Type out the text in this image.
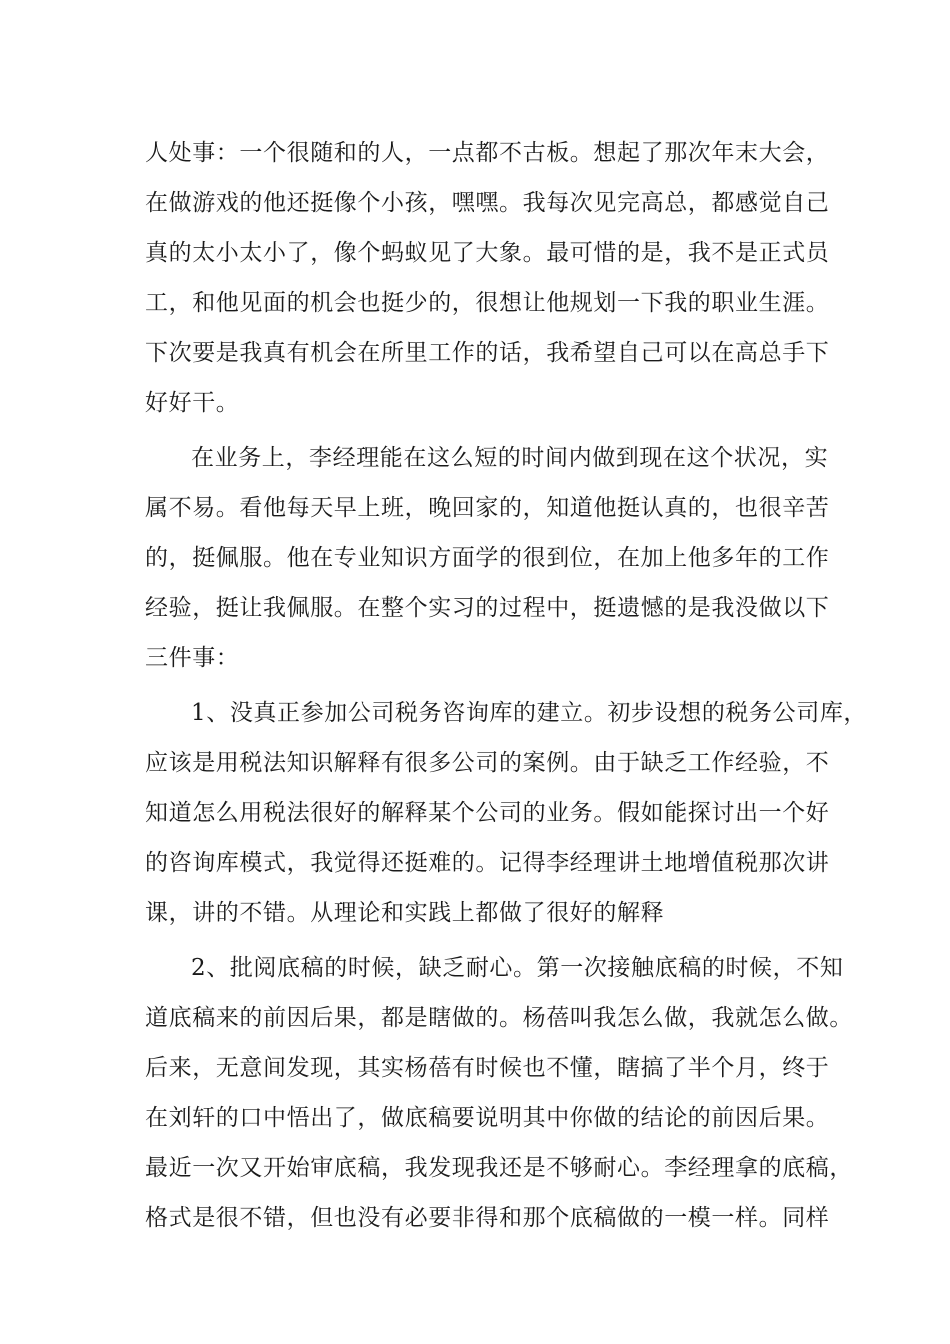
人处事：一个很随和的人，一点都不古板。想起了那次年末大会，
在做游戏的他还挺像个小孩，嘿嘿。我每次见完高总，都感觉自己
真的太小太小了，像个蚂蚁见了大象。最可惜的是，我不是正式员
工，和他见面的机会也挺少的，很想让他规划一下我的职业生涯。
下次要是我真有机会在所里工作的话，我希望自己可以在高总手下
好好干。
在业务上，李经理能在这么短的时间内做到现在这个状况，实
属不易。看他每天早上班，晚回家的，知道他挺认真的，也很辛苦
的，挺佩服。他在专业知识方面学的很到位，在加上他多年的工作
经验，挺让我佩服。在整个实习的过程中，挺遗憾的是我没做以下
三件事：
1、没真正参加公司税务咨询库的建立。初步设想的税务公司库，
应该是用税法知识解释有很多公司的案例。由于缺乏工作经验，不
知道怎么用税法很好的解释某个公司的业务。假如能探讨出一个好
的咨询库模式，我觉得还挺难的。记得李经理讲土地增值税那次讲
课，讲的不错。从理论和实践上都做了很好的解释
2、批阅底稿的时候，缺乏耐心。第一次接触底稿的时候，不知
道底稿来的前因后果，都是瞎做的。杨蓓叫我怎么做，我就怎么做。
后来，无意间发现，其实杨蓓有时候也不懂，瞎搞了半个月，终于
在刘轩的口中悟出了，做底稿要说明其中你做的结论的前因后果。
最近一次又开始审底稿，我发现我还是不够耐心。李经理拿的底稿，
格式是很不错，但也没有必要非得和那个底稿做的一模一样。同样
